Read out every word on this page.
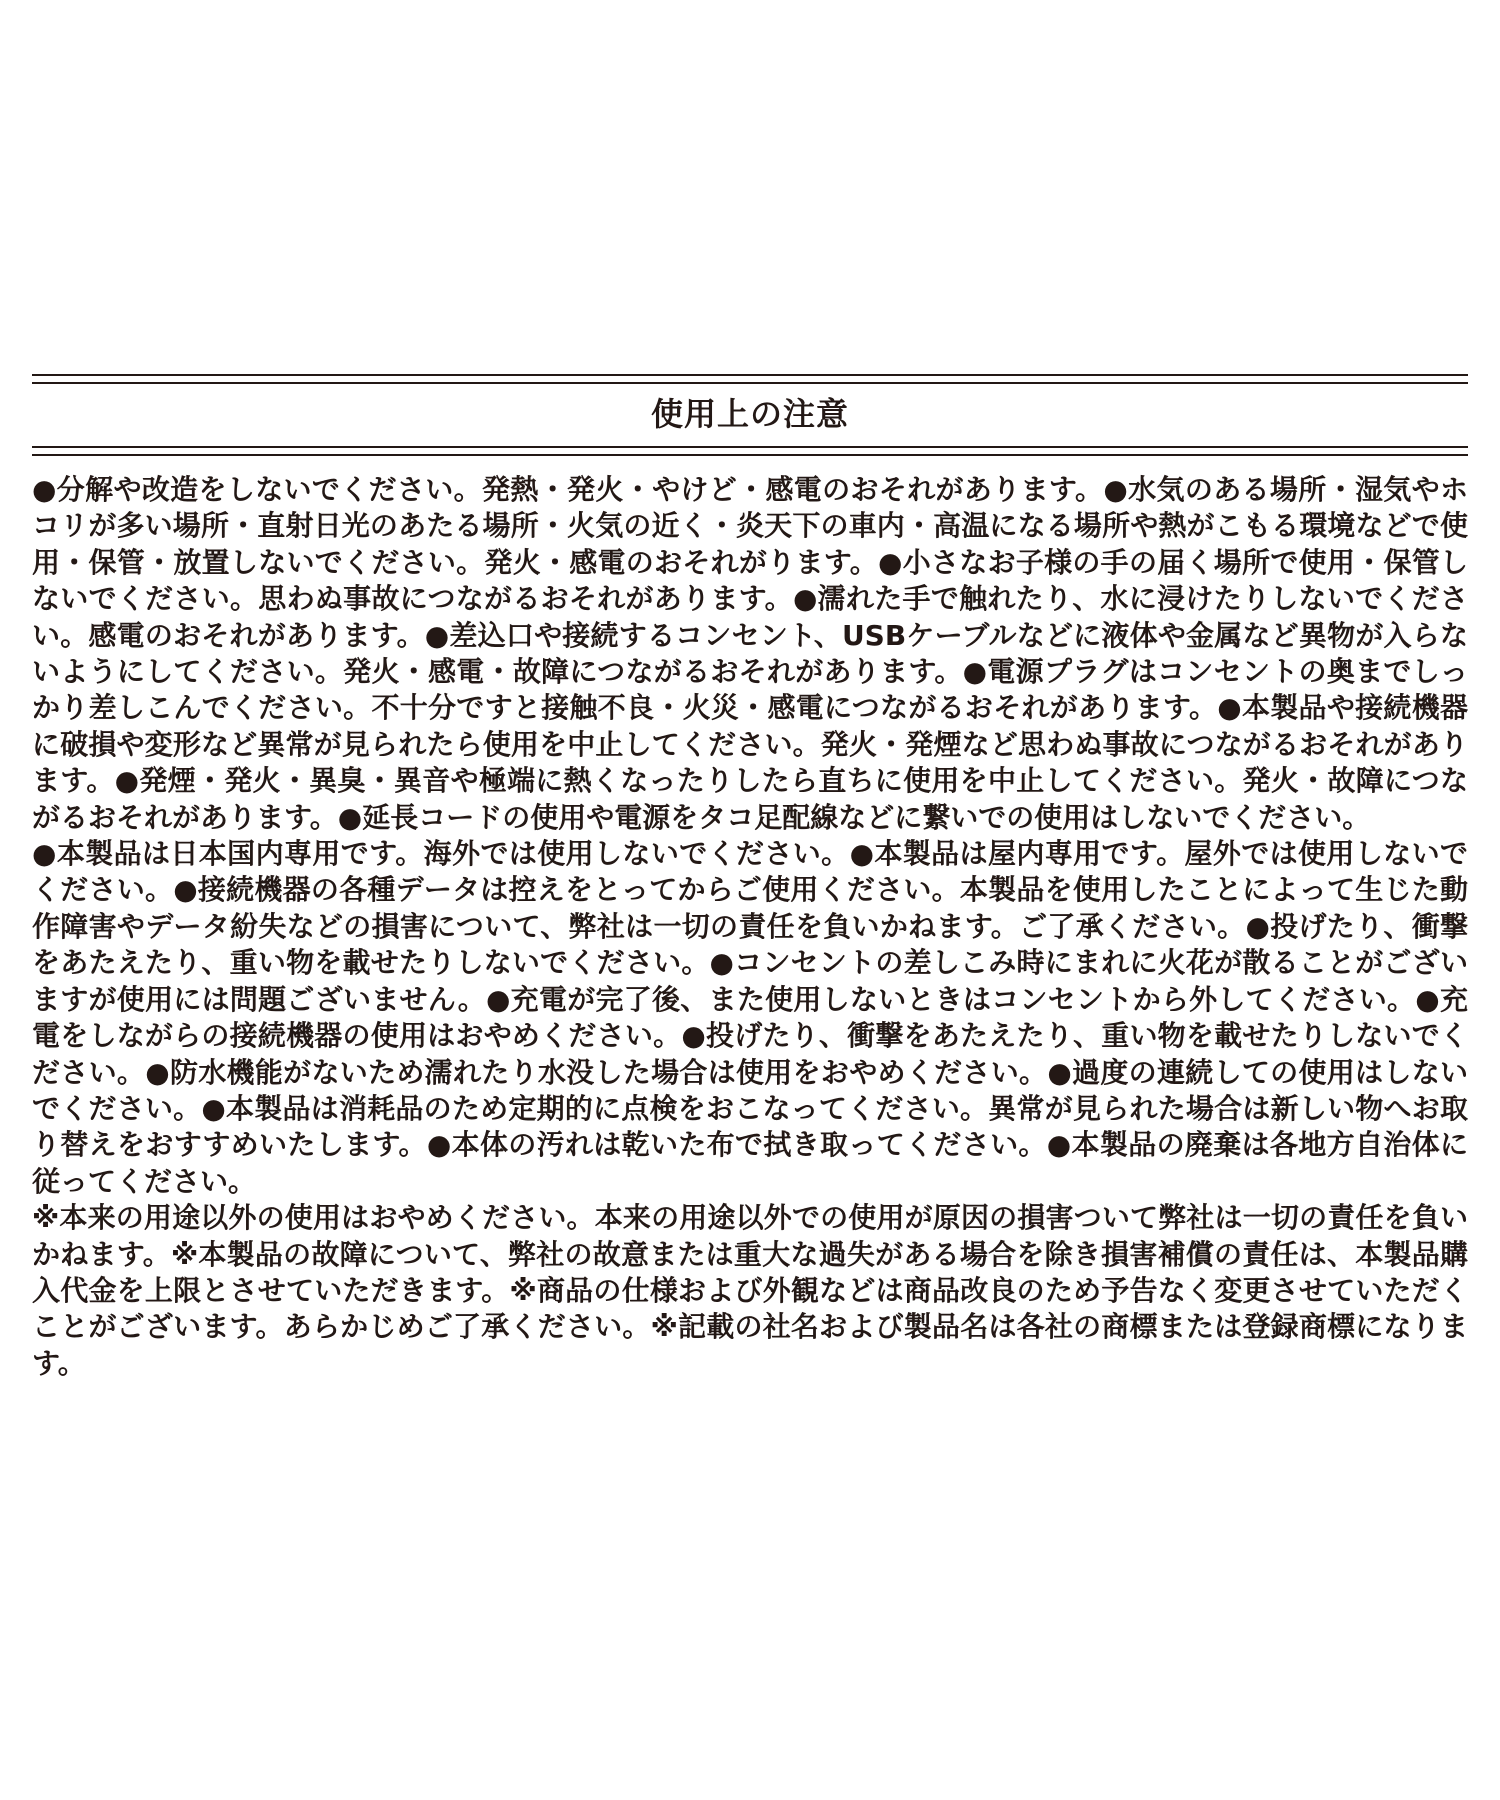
使用上の注意

●分解や改造をしないでください。発熱・発火・やけど・感電のおそれがあります。●水気のある場所・湿気やホコリが多い場所・直射日光のあたる場所・火気の近く・炎天下の車内・高温になる場所や熱がこもる環境などで使用・保管・放置しないでください。発火・感電のおそれがります。●小さなお子様の手の届く場所で使用・保管しないでください。思わぬ事故につながるおそれがあります。●濡れた手で触れたり、水に浸けたりしないでください。感電のおそれがあります。●差込口や接続するコンセント、USBケーブルなどに液体や金属など異物が入らないようにしてください。発火・感電・故障につながるおそれがあります。●電源プラグはコンセントの奥までしっかり差しこんでください。不十分ですと接触不良・火災・感電につながるおそれがあります。●本製品や接続機器に破損や変形など異常が見られたら使用を中止してください。発火・発煙など思わぬ事故につながるおそれがあります。●発煙・発火・異臭・異音や極端に熱くなったりしたら直ちに使用を中止してください。発火・故障につながるおそれがあります。●延長コードの使用や電源をタコ足配線などに繋いでの使用はしないでください。

●本製品は日本国内専用です。海外では使用しないでください。●本製品は屋内専用です。屋外では使用しないでください。●接続機器の各種データは控えをとってからご使用ください。本製品を使用したことによって生じた動作障害やデータ紛失などの損害について、弊社は一切の責任を負いかねます。ご了承ください。●投げたり、衝撃をあたえたり、重い物を載せたりしないでください。●コンセントの差しこみ時にまれに火花が散ることがございますが使用には問題ございません。●充電が完了後、また使用しないときはコンセントから外してください。●充電をしながらの接続機器の使用はおやめください。●投げたり、衝撃をあたえたり、重い物を載せたりしないでください。●防水機能がないため濡れたり水没した場合は使用をおやめください。●過度の連続しての使用はしないでください。●本製品は消耗品のため定期的に点検をおこなってください。異常が見られた場合は新しい物へお取り替えをおすすめいたします。●本体の汚れは乾いた布で拭き取ってください。●本製品の廃棄は各地方自治体に従ってください。

※本来の用途以外の使用はおやめください。本来の用途以外での使用が原因の損害ついて弊社は一切の責任を負いかねます。※本製品の故障について、弊社の故意または重大な過失がある場合を除き損害補償の責任は、本製品購入代金を上限とさせていただきます。※商品の仕様および外観などは商品改良のため予告なく変更させていただくことがございます。あらかじめご了承ください。※記載の社名および製品名は各社の商標または登録商標になります。
